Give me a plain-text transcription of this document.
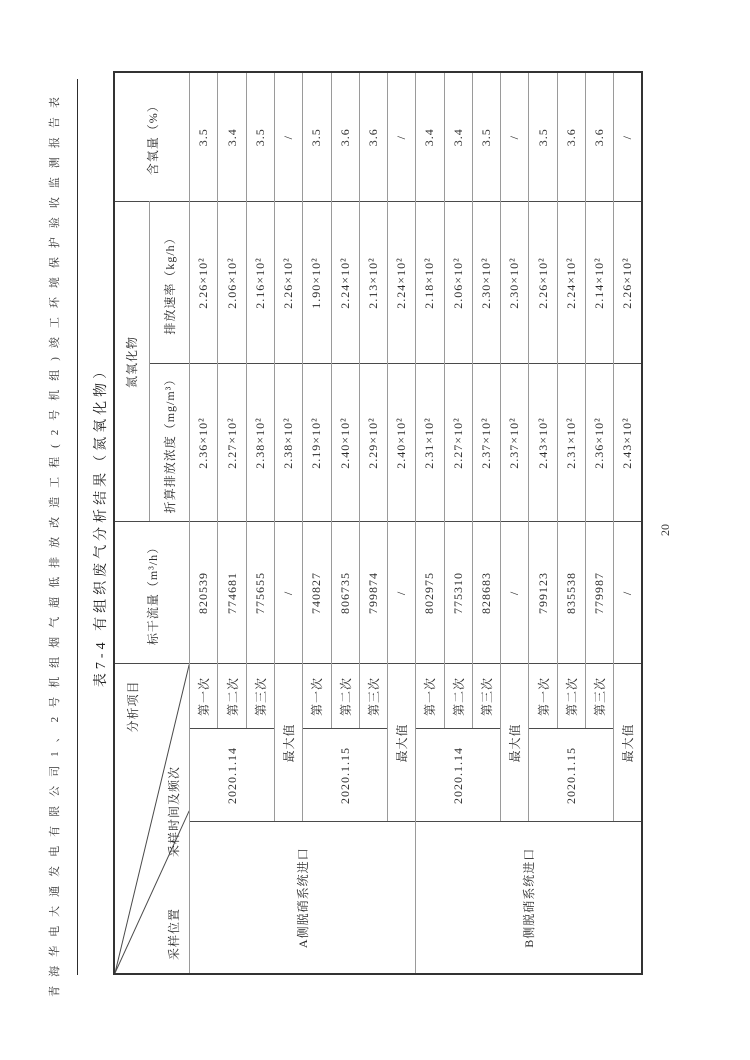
青海华电大通发电有限公司1、2号机组烟气超低排放改造工程(2号机组)竣工环境保护验收监测报告表 表7-4 有组织废气分析结果（氮氧化物）
分析项目
采样时间及频次
采样位置			标干流量（m³/h）	氮氧化物		含氧量（%）
				折算排放浓度（mg/m³）	排放速率（kg/h）	
A侧脱硝系统进口	2020.1.14	第一次	820539	2.36×10²	2.26×10²	3.5
		第二次	774681	2.27×10²	2.06×10²	3.4
		第三次	775655	2.38×10²	2.16×10²	3.5
	最大值		/	2.38×10²	2.26×10²	/
	2020.1.15	第一次	740827	2.19×10²	1.90×10²	3.5
		第二次	806735	2.40×10²	2.24×10²	3.6
		第三次	799874	2.29×10²	2.13×10²	3.6
	最大值		/	2.40×10²	2.24×10²	/
B侧脱硝系统进口	2020.1.14	第一次	802975	2.31×10²	2.18×10²	3.4
		第二次	775310	2.27×10²	2.06×10²	3.4
		第三次	828683	2.37×10²	2.30×10²	3.5
	最大值		/	2.37×10²	2.30×10²	/
	2020.1.15	第一次	799123	2.43×10²	2.26×10²	3.5
		第二次	835538	2.31×10²	2.24×10²	3.6
		第三次	779987	2.36×10²	2.14×10²	3.6
	最大值		/	2.43×10²	2.26×10²	/
20
